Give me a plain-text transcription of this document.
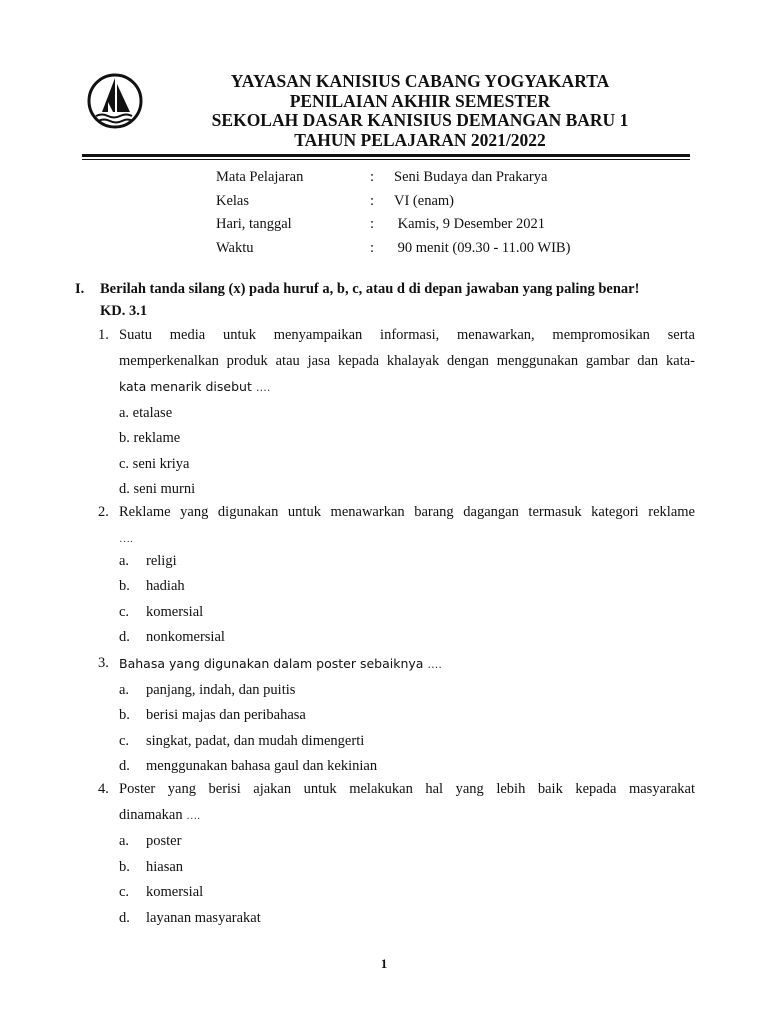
YAYASAN KANISIUS CABANG YOGYAKARTA
PENILAIAN AKHIR SEMESTER
SEKOLAH DASAR KANISIUS DEMANGAN BARU 1
TAHUN PELAJARAN 2021/2022
Mata Pelajaran	:	Seni Budaya dan Prakarya
Kelas	:	VI (enam)
Hari, tanggal	:	Kamis, 9 Desember 2021
Waktu	:	90 menit (09.30 - 11.00 WIB)
I.	Berilah tanda silang (x) pada huruf a, b, c, atau d di depan jawaban yang paling benar!
KD. 3.1
1. Suatu media untuk menyampaikan informasi, menawarkan, mempromosikan serta
memperkenalkan produk atau jasa kepada khalayak dengan menggunakan gambar dan kata-
kata menarik disebut ….
a. etalase
b. reklame
c. seni kriya
d. seni murni
2. Reklame yang digunakan untuk menawarkan barang dagangan termasuk kategori reklame
….
a.	religi
b.	hadiah
c.	komersial
d.	nonkomersial
3. Bahasa yang digunakan dalam poster sebaiknya ….
a.	panjang, indah, dan puitis
b.	berisi majas dan peribahasa
c.	singkat, padat, dan mudah dimengerti
d.	menggunakan bahasa gaul dan kekinian
4. Poster yang berisi ajakan untuk melakukan hal yang lebih baik kepada masyarakat
dinamakan ….
a.	poster
b.	hiasan
c.	komersial
d.	layanan masyarakat
1
